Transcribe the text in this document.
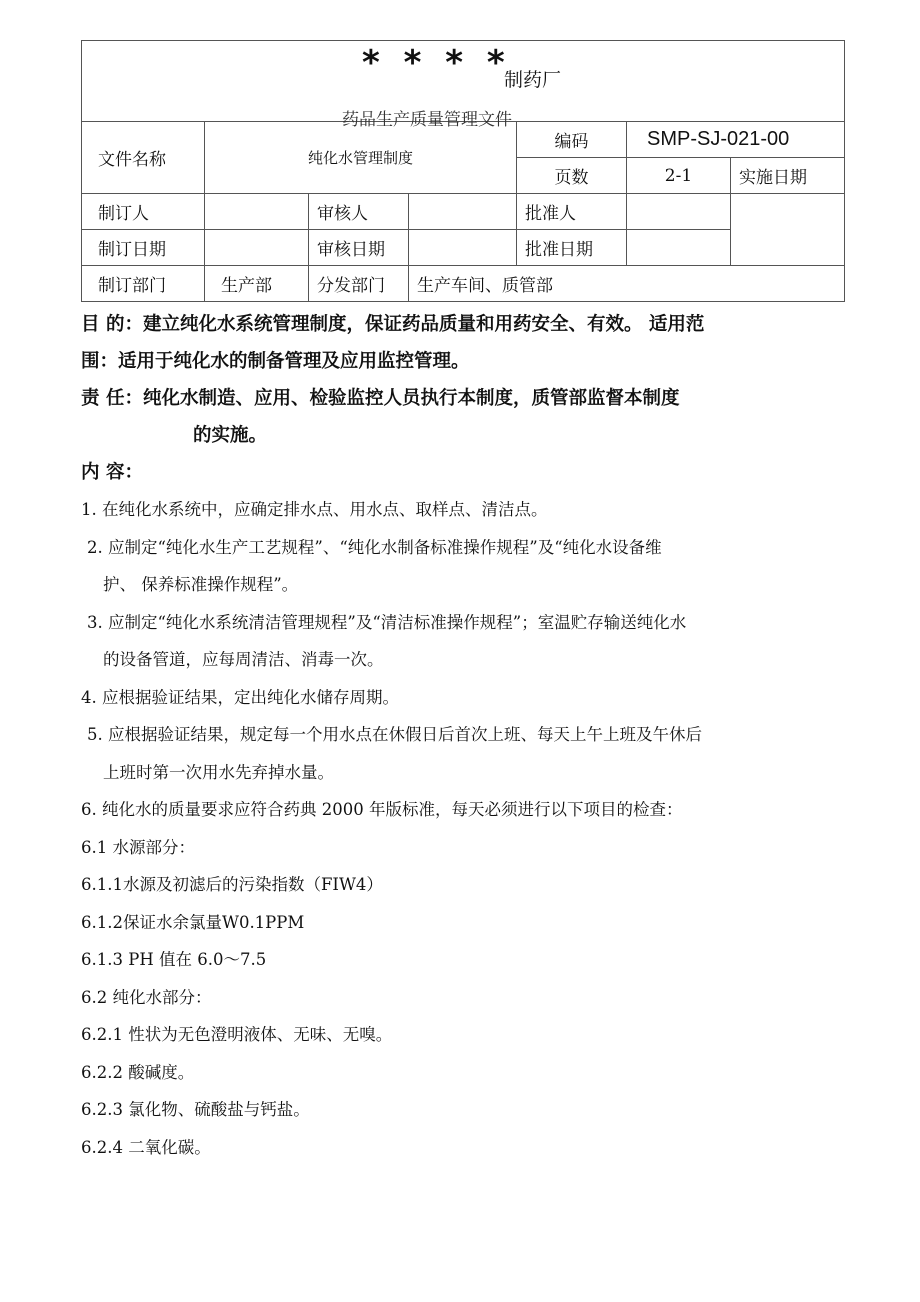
* * * *
制药厂
药品生产质量管理文件						

文件名称	纯化水管理制度			编码	SMP-SJ-021-00	
				页数	2-1	实施日期
制订人		审核人		批准人		
制订日期		审核日期		批准日期		
制订部门	生产部	分发部门	生产车间、质管部			

目 的：建立纯化水系统管理制度，保证药品质量和用药安全、有效。 适用范

围：适用于纯化水的制备管理及应用监控管理。

责 任：纯化水制造、应用、检验监控人员执行本制度，质管部监督本制度

的实施。

内 容：

1. 在纯化水系统中，应确定排水点、用水点、取样点、清洁点。

2. 应制定“纯化水生产工艺规程”、“纯化水制备标准操作规程”及“纯化水设备维

护、 保养标准操作规程”。

3. 应制定“纯化水系统清洁管理规程”及“清洁标准操作规程”；室温贮存输送纯化水

的设备管道，应每周清洁、消毒一次。

4. 应根据验证结果，定出纯化水储存周期。

5. 应根据验证结果，规定每一个用水点在休假日后首次上班、每天上午上班及午休后

上班时第一次用水先弃掉水量。

6. 纯化水的质量要求应符合药典 2000 年版标准，每天必须进行以下项目的检查：

6.1 水源部分：

6.1.1水源及初滤后的污染指数（FIW4）

6.1.2保证水余氯量W0.1PPM

6.1.3 PH 值在 6.0〜7.5

6.2 纯化水部分：

6.2.1 性状为无色澄明液体、无味、无嗅。

6.2.2 酸碱度。

6.2.3 氯化物、硫酸盐与钙盐。

6.2.4 二氧化碳。
